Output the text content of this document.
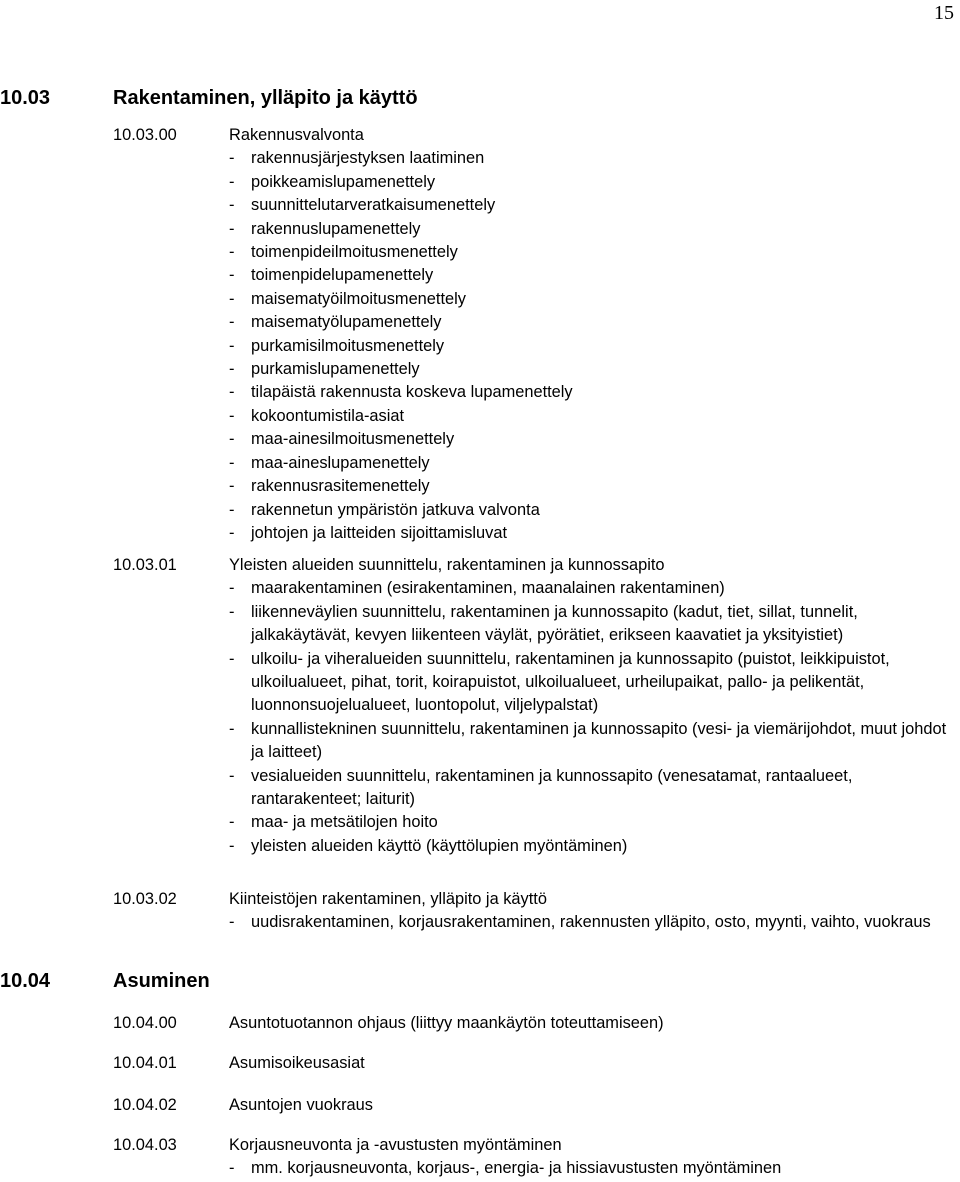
15
10.03	Rakentaminen, ylläpito ja käyttö
10.03.00	Rakennusvalvonta
-	rakennusjärjestyksen laatiminen
-	poikkeamislupamenettely
-	suunnittelutarveratkaisumenettely
-	rakennuslupamenettely
-	toimenpideilmoitusmenettely
-	toimenpidelupamenettely
-	maisematyöilmoitusmenettely
-	maisematyölupamenettely
-	purkamisilmoitusmenettely
-	purkamislupamenettely
-	tilapäistä rakennusta koskeva lupamenettely
-	kokoontumistila-asiat
-	maa-ainesilmoitusmenettely
-	maa-aineslupamenettely
-	rakennusrasitemenettely
-	rakennetun ympäristön jatkuva valvonta
-	johtojen ja laitteiden sijoittamisluvat
10.03.01	Yleisten alueiden suunnittelu, rakentaminen ja kunnossapito
-	maarakentaminen (esirakentaminen, maanalainen rakentaminen)
-	liikenneväylien suunnittelu, rakentaminen ja kunnossapito (kadut, tiet, sillat, tunnelit, jalkakäytävät, kevyen liikenteen väylät, pyörätiet, erikseen kaavatiet ja yksityistiet)
-	ulkoilu- ja viheralueiden suunnittelu, rakentaminen ja kunnossapito (puistot, leikkipuistot, ulkoilualueet, pihat, torit, koirapuistot, ulkoilualueet, urheilupaikat, pallo- ja pelikentät, luonnonsuojelualueet, luontopolut, viljelypalstat)
-	kunnallistekninen suunnittelu, rakentaminen ja kunnossapito (vesi- ja viemärijohdot, muut johdot ja laitteet)
-	vesialueiden suunnittelu, rakentaminen ja kunnossapito (venesatamat, rantaalueet, rantarakenteet; laiturit)
-	maa- ja metsätilojen hoito
-	yleisten alueiden käyttö (käyttölupien myöntäminen)
10.03.02	Kiinteistöjen rakentaminen, ylläpito ja käyttö
-	uudisrakentaminen, korjausrakentaminen, rakennusten ylläpito, osto, myynti, vaihto, vuokraus
10.04	Asuminen
10.04.00	Asuntotuotannon ohjaus (liittyy maankäytön toteuttamiseen)
10.04.01	Asumisoikeusasiat
10.04.02	Asuntojen vuokraus
10.04.03	Korjausneuvonta ja -avustusten myöntäminen
-	mm. korjausneuvonta, korjaus-, energia- ja hissiavustusten myöntäminen
